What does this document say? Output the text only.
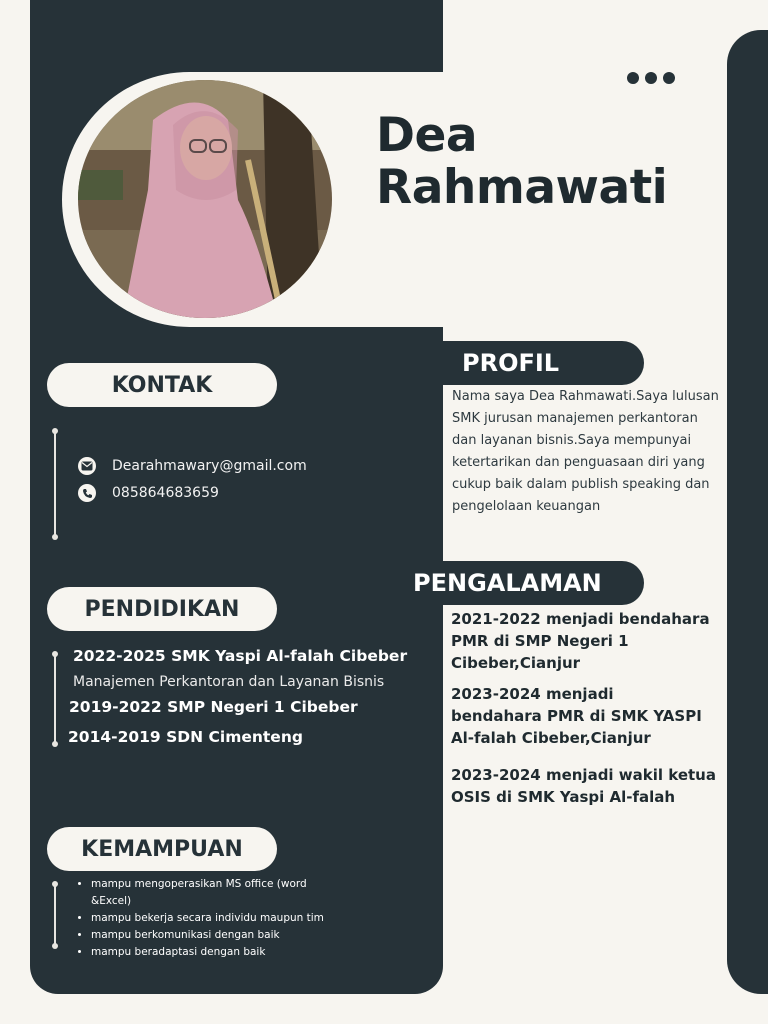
Dea
Rahmawati
KONTAK
Dearahmawary@gmail.com
085864683659
PENDIDIKAN
2022-2025 SMK Yaspi Al-falah Cibeber
Manajemen Perkantoran dan Layanan Bisnis
2019-2022 SMP Negeri 1 Cibeber
2014-2019 SDN Cimenteng
KEMAMPUAN
• mampu mengoperasikan MS office (word &Excel)
• mampu bekerja secara individu maupun tim
• mampu berkomunikasi dengan baik
• mampu beradaptasi dengan baik
PROFIL

Nama saya Dea Rahmawati.Saya lulusan SMK jurusan manajemen perkantoran dan layanan bisnis.Saya mempunyai ketertarikan dan penguasaan diri yang cukup baik dalam publish speaking dan pengelolaan keuangan

PENGALAMAN

2021-2022 menjadi bendahara PMR di SMP Negeri 1 Cibeber,Cianjur

2023-2024 menjadi bendahara PMR di SMK YASPI Al-falah Cibeber,Cianjur

2023-2024 menjadi wakil ketua OSIS di SMK Yaspi Al-falah
